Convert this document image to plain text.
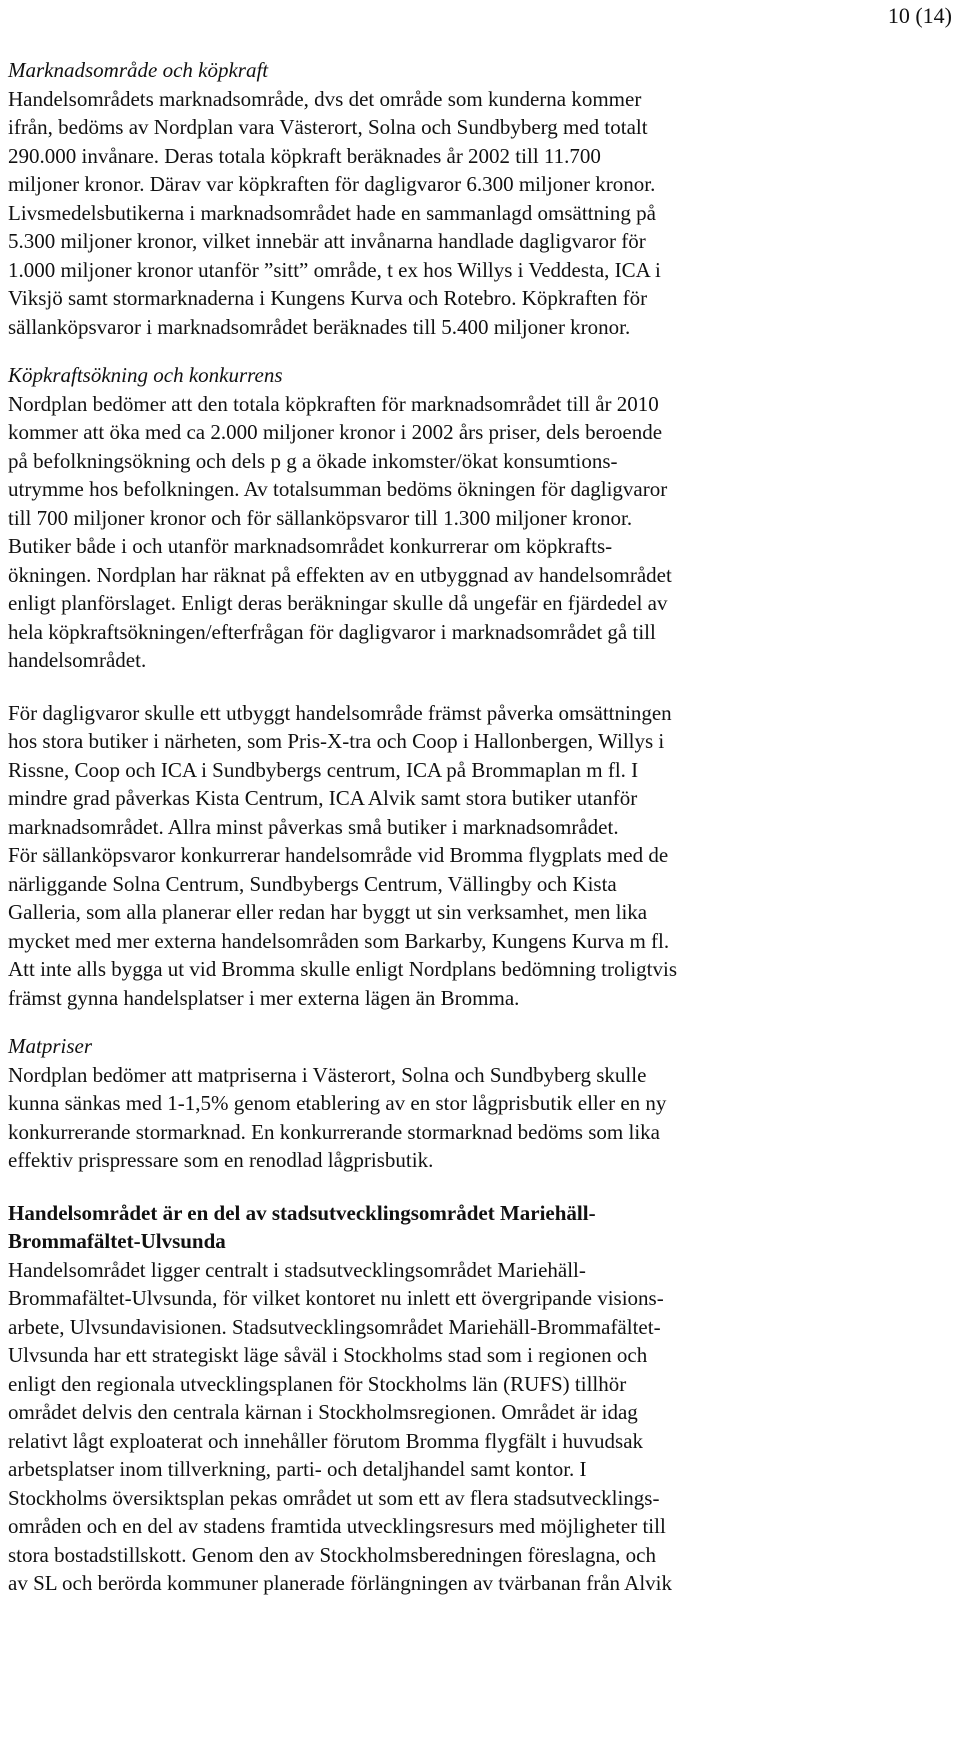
10 (14)
Marknadsområde och köpkraft
Handelsområdets marknadsområde, dvs det område som kunderna kommer
ifrån, bedöms av Nordplan vara Västerort, Solna och Sundbyberg med totalt
290.000 invånare. Deras totala köpkraft beräknades år 2002 till 11.700
miljoner kronor. Därav var köpkraften för dagligvaror 6.300 miljoner kronor.
Livsmedelsbutikerna i marknadsområdet hade en sammanlagd omsättning på
5.300 miljoner kronor, vilket innebär att invånarna handlade dagligvaror för
1.000 miljoner kronor utanför ”sitt” område, t ex hos Willys i Veddesta, ICA i
Viksjö samt stormarknaderna i Kungens Kurva och Rotebro. Köpkraften för
sällanköpsvaror i marknadsområdet beräknades till 5.400 miljoner kronor.
Köpkraftsökning och konkurrens
Nordplan bedömer att den totala köpkraften för marknadsområdet till år 2010
kommer att öka med ca 2.000 miljoner kronor i 2002 års priser, dels beroende
på befolkningsökning och dels p g a ökade inkomster/ökat konsumtions-
utrymme hos befolkningen. Av totalsumman bedöms ökningen för dagligvaror
till 700 miljoner kronor och för sällanköpsvaror till 1.300 miljoner kronor.
Butiker både i och utanför marknadsområdet konkurrerar om köpkrafts-
ökningen. Nordplan har räknat på effekten av en utbyggnad av handelsområdet
enligt planförslaget. Enligt deras beräkningar skulle då ungefär en fjärdedel av
hela köpkraftsökningen/efterfrågan för dagligvaror i marknadsområdet gå till
handelsområdet.
För dagligvaror skulle ett utbyggt handelsområde främst påverka omsättningen
hos stora butiker i närheten, som Pris-X-tra och Coop i Hallonbergen, Willys i
Rissne, Coop och ICA i Sundbybergs centrum, ICA på Brommaplan m fl. I
mindre grad påverkas Kista Centrum, ICA Alvik samt stora butiker utanför
marknadsområdet. Allra minst påverkas små butiker i marknadsområdet.
För sällanköpsvaror konkurrerar handelsområde vid Bromma flygplats med de
närliggande Solna Centrum, Sundbybergs Centrum, Vällingby och Kista
Galleria, som alla planerar eller redan har byggt ut sin verksamhet, men lika
mycket med mer externa handelsområden som Barkarby, Kungens Kurva m fl.
Att inte alls bygga ut vid Bromma skulle enligt Nordplans bedömning troligtvis
främst gynna handelsplatser i mer externa lägen än Bromma.
Matpriser
Nordplan bedömer att matpriserna i Västerort, Solna och Sundbyberg skulle
kunna sänkas med 1-1,5% genom etablering av en stor lågprisbutik eller en ny
konkurrerande stormarknad. En konkurrerande stormarknad bedöms som lika
effektiv prispressare som en renodlad lågprisbutik.
Handelsområdet är en del av stadsutvecklingsområdet Mariehäll-
Brommafältet-Ulvsunda
Handelsområdet ligger centralt i stadsutvecklingsområdet Mariehäll-
Brommafältet-Ulvsunda, för vilket kontoret nu inlett ett övergripande visions-
arbete, Ulvsundavisionen. Stadsutvecklingsområdet Mariehäll-Brommafältet-
Ulvsunda har ett strategiskt läge såväl i Stockholms stad som i regionen och
enligt den regionala utvecklingsplanen för Stockholms län (RUFS) tillhör
området delvis den centrala kärnan i Stockholmsregionen. Området är idag
relativt lågt exploaterat och innehåller förutom Bromma flygfält i huvudsak
arbetsplatser inom tillverkning, parti- och detaljhandel samt kontor. I
Stockholms översiktsplan pekas området ut som ett av flera stadsutvecklings-
områden och en del av stadens framtida utvecklingsresurs med möjligheter till
stora bostadstillskott. Genom den av Stockholmsberedningen föreslagna, och
av SL och berörda kommuner planerade förlängningen av tvärbanan från Alvik
